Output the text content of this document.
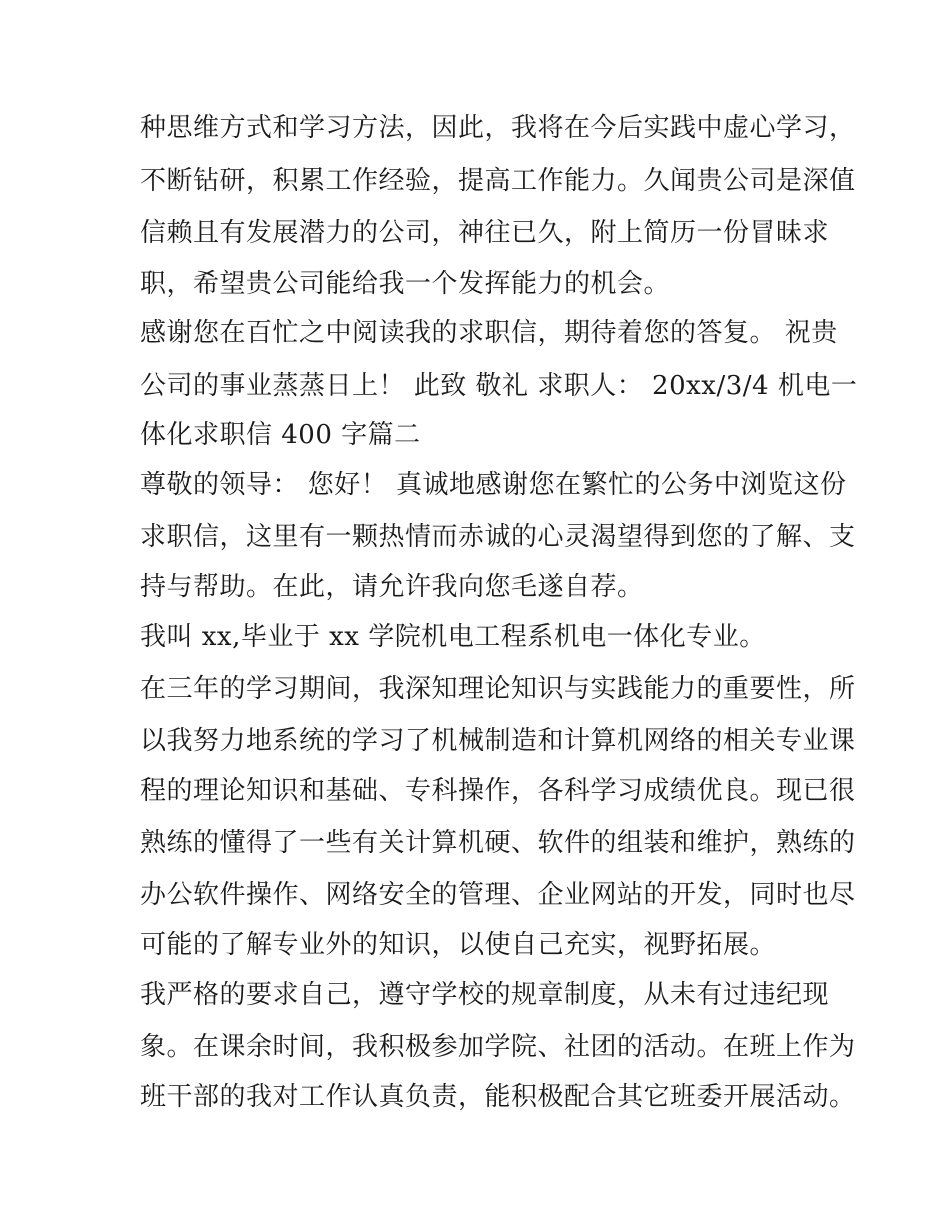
种思维方式和学习方法，因此，我将在今后实践中虚心学习，
不断钻研，积累工作经验，提高工作能力。久闻贵公司是深值
信赖且有发展潜力的公司，神往已久，附上简历一份冒昧求
职，希望贵公司能给我一个发挥能力的机会。
感谢您在百忙之中阅读我的求职信，期待着您的答复。 祝贵
公司的事业蒸蒸日上！ 此致 敬礼 求职人： 20xx/3/4 机电一
体化求职信 400 字篇二
尊敬的领导： 您好！ 真诚地感谢您在繁忙的公务中浏览这份
求职信，这里有一颗热情而赤诚的心灵渴望得到您的了解、支
持与帮助。在此，请允许我向您毛遂自荐。
我叫 xx,毕业于 xx 学院机电工程系机电一体化专业。
在三年的学习期间，我深知理论知识与实践能力的重要性，所
以我努力地系统的学习了机械制造和计算机网络的相关专业课
程的理论知识和基础、专科操作，各科学习成绩优良。现已很
熟练的懂得了一些有关计算机硬、软件的组装和维护，熟练的
办公软件操作、网络安全的管理、企业网站的开发，同时也尽
可能的了解专业外的知识，以使自己充实，视野拓展。
我严格的要求自己，遵守学校的规章制度，从未有过违纪现
象。在课余时间，我积极参加学院、社团的活动。在班上作为
班干部的我对工作认真负责，能积极配合其它班委开展活动。
